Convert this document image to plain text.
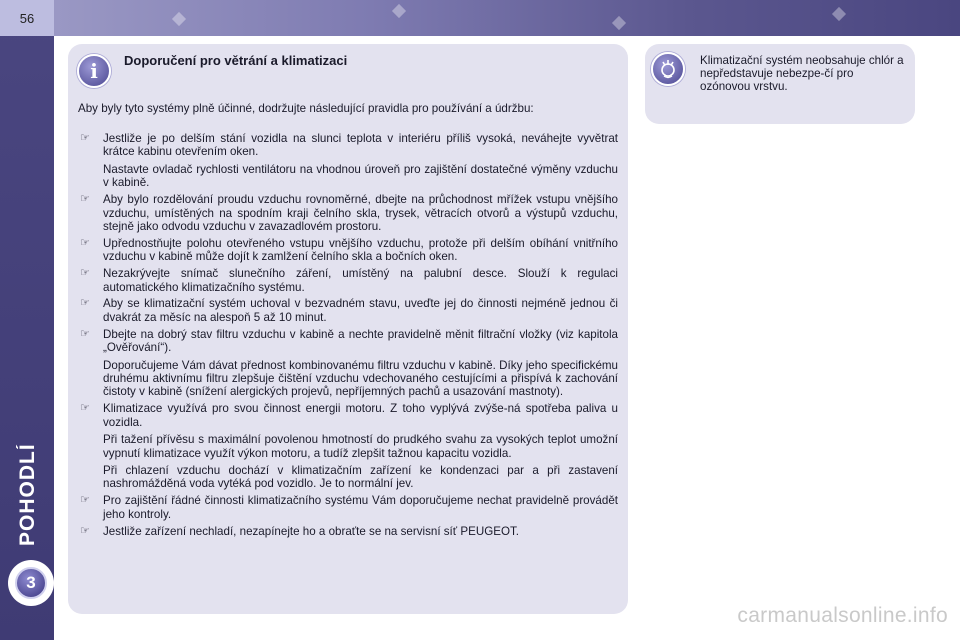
56
POHODLÍ
3
i	Doporučení pro větrání a klimatizaci

Aby byly tyto systémy plně účinné, dodržujte následující pravidla pro používání a údržbu:

☞ Jestliže je po delším stání vozidla na slunci teplota v interiéru příliš vysoká, neváhejte vyvětrat krátce kabinu otevřením oken.

Nastavte ovladač rychlosti ventilátoru na vhodnou úroveň pro zajištění dostatečné výměny vzduchu v kabině.

☞ Aby bylo rozdělování proudu vzduchu rovnoměrné, dbejte na průchodnost mřížek vstupu vnějšího vzduchu, umístěných na spodním kraji čelního skla, trysek, větracích otvorů a výstupů vzduchu, stejně jako odvodu vzduchu v zavazadlovém prostoru.

☞ Upřednostňujte polohu otevřeného vstupu vnějšího vzduchu, protože při delším obíhání vnitřního vzduchu v kabině může dojít k zamlžení čelního skla a bočních oken.

☞ Nezakrývejte snímač slunečního záření, umístěný na palubní desce. Slouží k regulaci automatického klimatizačního systému.

☞ Aby se klimatizační systém uchoval v bezvadném stavu, uveďte jej do činnosti nejméně jednou či dvakrát za měsíc na alespoň 5 až 10 minut.

☞ Dbejte na dobrý stav filtru vzduchu v kabině a nechte pravidelně měnit filtrační vložky (viz kapitola „Ověřování“).

Doporučujeme Vám dávat přednost kombinovanému filtru vzduchu v kabině. Díky jeho specifickému druhému aktivnímu filtru zlepšuje čištění vzduchu vdechovaného cestujícími a přispívá k zachování čistoty v kabině (snížení alergických projevů, nepříjemných pachů a usazování mastnoty).

☞ Klimatizace využívá pro svou činnost energii motoru. Z toho vyplývá zvýše-ná spotřeba paliva u vozidla.

Při tažení přívěsu s maximální povolenou hmotností do prudkého svahu za vysokých teplot umožní vypnutí klimatizace využít výkon motoru, a tudíž zlepšit tažnou kapacitu vozidla.

Při chlazení vzduchu dochází v klimatizačním zařízení ke kondenzaci par a při zastavení nashromážděná voda vytéká pod vozidlo. Je to normální jev.

☞ Pro zajištění řádné činnosti klimatizačního systému Vám doporučujeme nechat pravidelně provádět jeho kontroly.

☞ Jestliže zařízení nechladí, nezapínejte ho a obraťte se na servisní síť PEUGEOT.

Klimatizační systém neobsahuje chlór a nepředstavuje nebezpe-čí pro ozónovou vrstvu.

carmanualsonline.info
